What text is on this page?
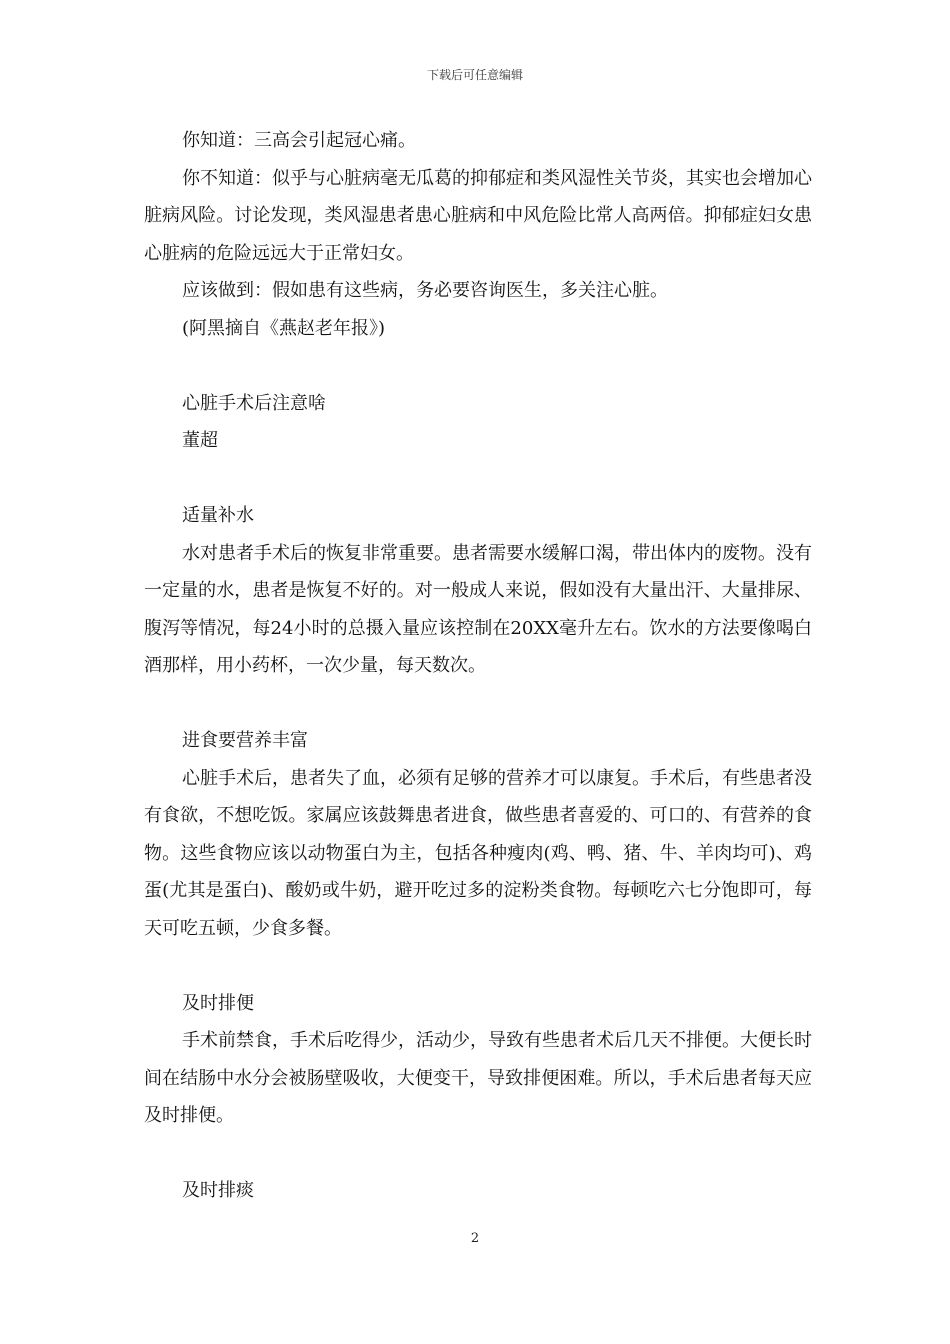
下载后可任意编辑

你知道：三高会引起冠心痛。

你不知道：似乎与心脏病毫无瓜葛的抑郁症和类风湿性关节炎，其实也会增加心脏病风险。讨论发现，类风湿患者患心脏病和中风危险比常人高两倍。抑郁症妇女患心脏病的危险远远大于正常妇女。

应该做到：假如患有这些病，务必要咨询医生，多关注心脏。

(阿黑摘自《燕赵老年报》)

心脏手术后注意啥

董超

适量补水

水对患者手术后的恢复非常重要。患者需要水缓解口渴，带出体内的废物。没有一定量的水，患者是恢复不好的。对一般成人来说，假如没有大量出汗、大量排尿、腹泻等情况，每24小时的总摄入量应该控制在20XX毫升左右。饮水的方法要像喝白酒那样，用小药杯，一次少量，每天数次。

进食要营养丰富

心脏手术后，患者失了血，必须有足够的营养才可以康复。手术后，有些患者没有食欲，不想吃饭。家属应该鼓舞患者进食，做些患者喜爱的、可口的、有营养的食物。这些食物应该以动物蛋白为主，包括各种瘦肉(鸡、鸭、猪、牛、羊肉均可)、鸡蛋(尤其是蛋白)、酸奶或牛奶，避开吃过多的淀粉类食物。每顿吃六七分饱即可，每天可吃五顿，少食多餐。

及时排便

手术前禁食，手术后吃得少，活动少，导致有些患者术后几天不排便。大便长时间在结肠中水分会被肠壁吸收，大便变干，导致排便困难。所以，手术后患者每天应及时排便。

及时排痰

2
